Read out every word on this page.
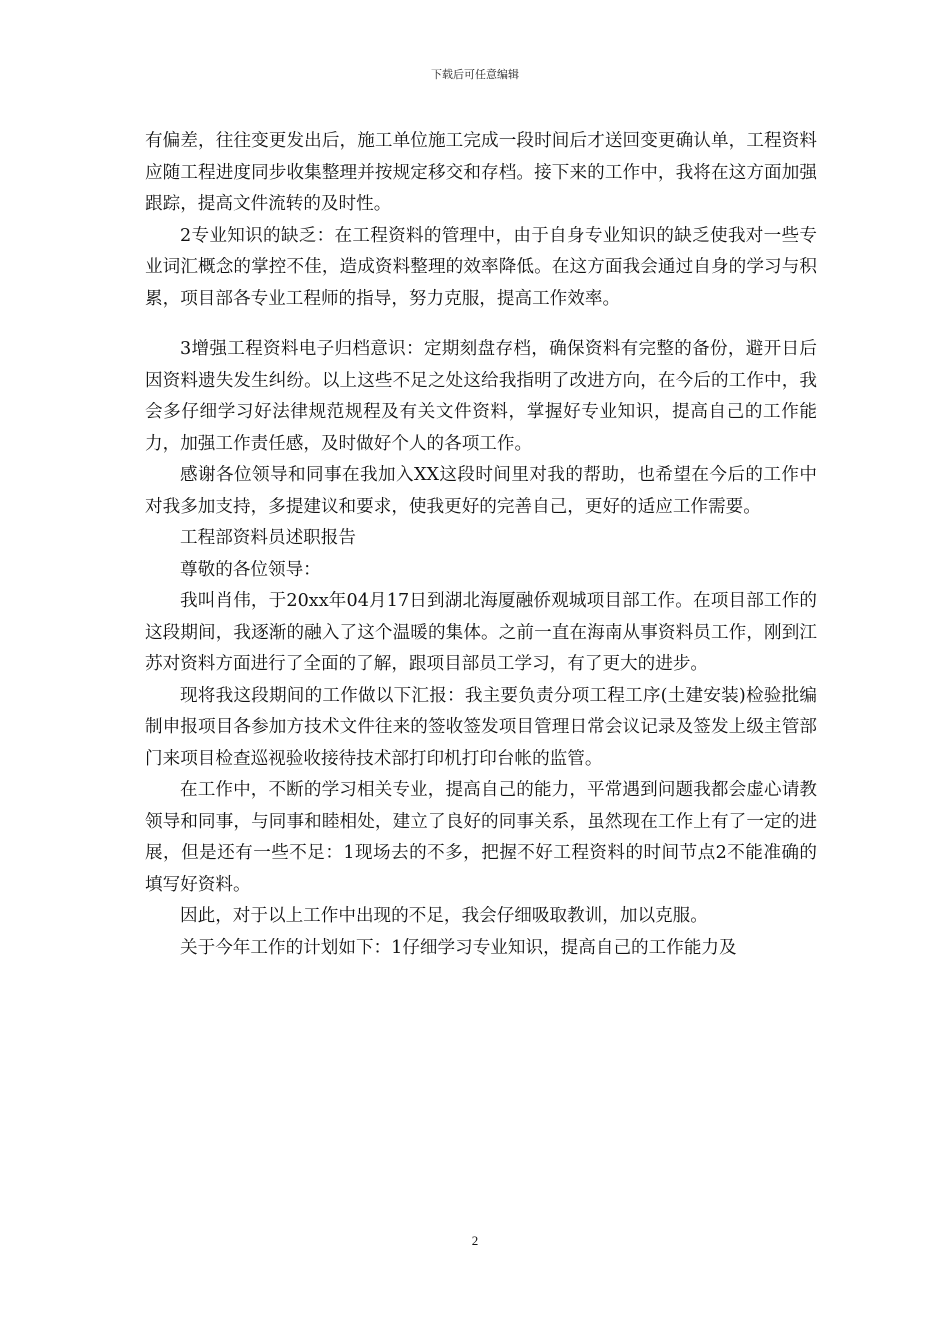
下载后可任意编辑

有偏差，往往变更发出后，施工单位施工完成一段时间后才送回变更确认单，工程资料应随工程进度同步收集整理并按规定移交和存档。接下来的工作中，我将在这方面加强跟踪，提高文件流转的及时性。

2专业知识的缺乏：在工程资料的管理中，由于自身专业知识的缺乏使我对一些专业词汇概念的掌控不佳，造成资料整理的效率降低。在这方面我会通过自身的学习与积累，项目部各专业工程师的指导，努力克服，提高工作效率。

3增强工程资料电子归档意识：定期刻盘存档，确保资料有完整的备份，避开日后因资料遗失发生纠纷。以上这些不足之处这给我指明了改进方向，在今后的工作中，我会多仔细学习好法律规范规程及有关文件资料，掌握好专业知识，提高自己的工作能力，加强工作责任感，及时做好个人的各项工作。

感谢各位领导和同事在我加入XX这段时间里对我的帮助，也希望在今后的工作中对我多加支持，多提建议和要求，使我更好的完善自己，更好的适应工作需要。

工程部资料员述职报告

尊敬的各位领导：

我叫肖伟，于20xx年04月17日到湖北海厦融侨观城项目部工作。在项目部工作的这段期间，我逐渐的融入了这个温暖的集体。之前一直在海南从事资料员工作，刚到江苏对资料方面进行了全面的了解，跟项目部员工学习，有了更大的进步。

现将我这段期间的工作做以下汇报：我主要负责分项工程工序(土建安装)检验批编制申报项目各参加方技术文件往来的签收签发项目管理日常会议记录及签发上级主管部门来项目检查巡视验收接待技术部打印机打印台帐的监管。

在工作中，不断的学习相关专业，提高自己的能力，平常遇到问题我都会虚心请教领导和同事，与同事和睦相处，建立了良好的同事关系，虽然现在工作上有了一定的进展，但是还有一些不足：1现场去的不多，把握不好工程资料的时间节点2不能准确的填写好资料。

因此，对于以上工作中出现的不足，我会仔细吸取教训，加以克服。

关于今年工作的计划如下：1仔细学习专业知识，提高自己的工作能力及

2
